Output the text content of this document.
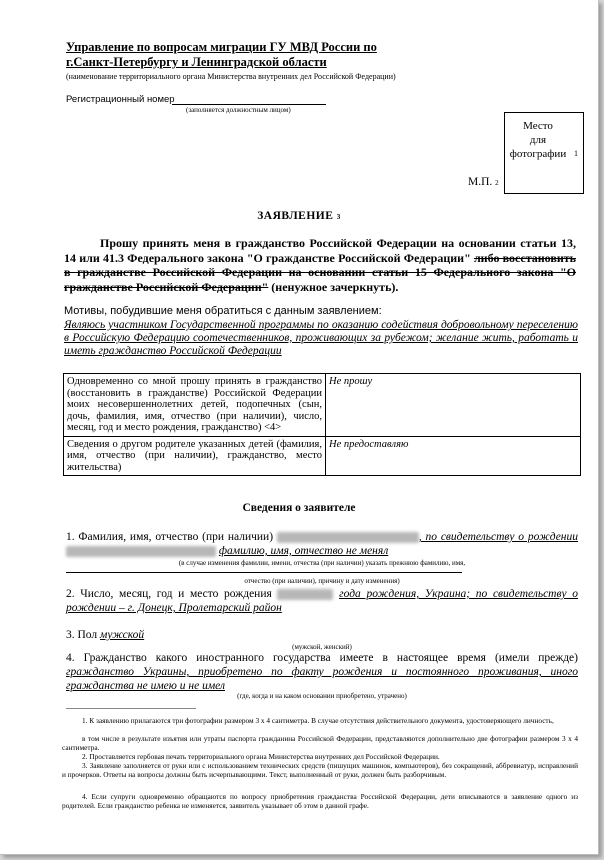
Управление по вопросам миграции ГУ МВД России по
г.Санкт-Петербургу и Ленинградской области
(наименование территориального органа Министерства внутренних дел Российской Федерации)
Регистрационный номер
(заполняется должностным лицом)
Место
для
фотографии 1
М.П. 2
ЗАЯВЛЕНИЕ 3
Прошу принять меня в гражданство Российской Федерации на основании статьи 13, 14 или 41.3 Федерального закона "О гражданстве Российской Федерации" либо восстановить в гражданстве Российской Федерации на основании статьи 15 Федерального закона "О гражданстве Российской Федерации" (ненужное зачеркнуть).
Мотивы, побудившие меня обратиться с данным заявлением:
Являюсь участником Государственной программы по оказанию содействия добровольному переселению в Российскую Федерацию соотечественников, проживающих за рубежом; желание жить, работать и иметь гражданство Российской Федерации
Одновременно со мной прошу принять в гражданство (восстановить в гражданстве) Российской Федерации моих несовершеннолетних детей, подопечных (сын, дочь, фамилия, имя, отчество (при наличии), число, месяц, год и место рождения, гражданство) <4>	Не прошу
Сведения о другом родителе указанных детей (фамилия, имя, отчество (при наличии), гражданство, место жительства)	Не предоставляю
Сведения о заявителе
1. Фамилия, имя, отчество (при наличии)	, по свидетельству о рождении  фамилию, имя, отчество не менял
(в случае изменения фамилии, имени, отчества (при наличии) указать прежнюю фамилию, имя,
отчество (при наличии), причину и дату изменения)
2. Число, месяц, год и место рождения	года рождения, Украина; по свидетельству о рождении – г. Донецк, Пролетарский район
3. Пол мужской
(мужской, женский)
4. Гражданство какого иностранного государства имеете в настоящее время (имели прежде) гражданство Украины, приобретено по факту рождения и постоянного проживания, иного гражданства не имею и не имел
(где, когда и на каком основании приобретено, утрачено)
1. К заявлению прилагаются три фотографии размером 3 х 4 сантиметра. В случае отсутствия действительного документа, удостоверяющего личность,
в том числе в результате изъятия или утраты паспорта гражданина Российской Федерации, представляются дополнительно две фотографии размером 3 х 4 сантиметра.
2. Проставляется гербовая печать территориального органа Министерства внутренних дел Российской Федерации.
3. Заявление заполняется от руки или с использованием технических средств (пишущих машинок, компьютеров), без сокращений, аббревиатур, исправлений и прочерков. Ответы на вопросы должны быть исчерпывающими. Текст, выполненный от руки, должен быть разборчивым.
4. Если супруги одновременно обращаются по вопросу приобретения гражданства Российской Федерации, дети вписываются в заявление одного из родителей. Если гражданство ребенка не изменяется, заявитель указывает об этом в данной графе.
